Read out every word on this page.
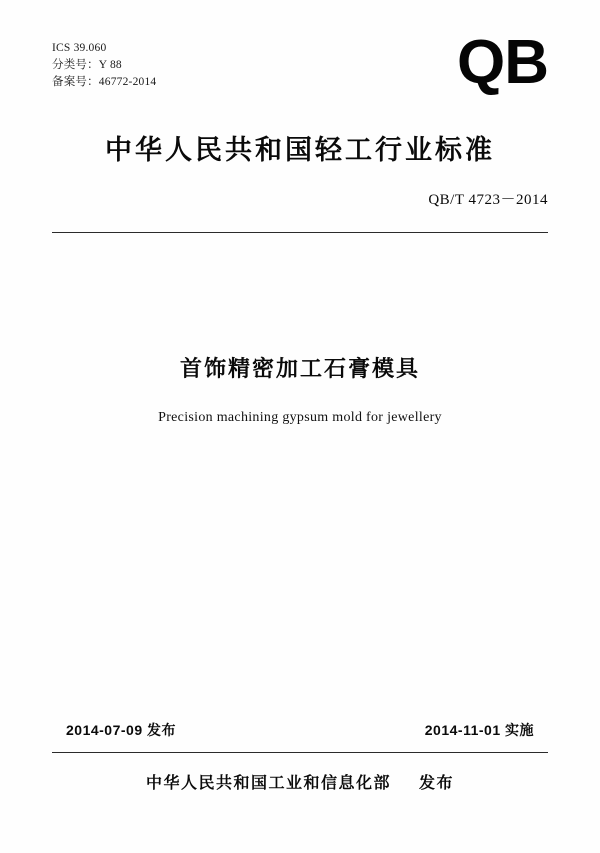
ICS 39.060
分类号：Y 88
备案号：46772-2014	QB
中华人民共和国轻工行业标准
QB/T 4723－2014
首饰精密加工石膏模具
Precision machining gypsum mold for jewellery
2014-07-09 发布	2014-11-01 实施
中华人民共和国工业和信息化部 发布
